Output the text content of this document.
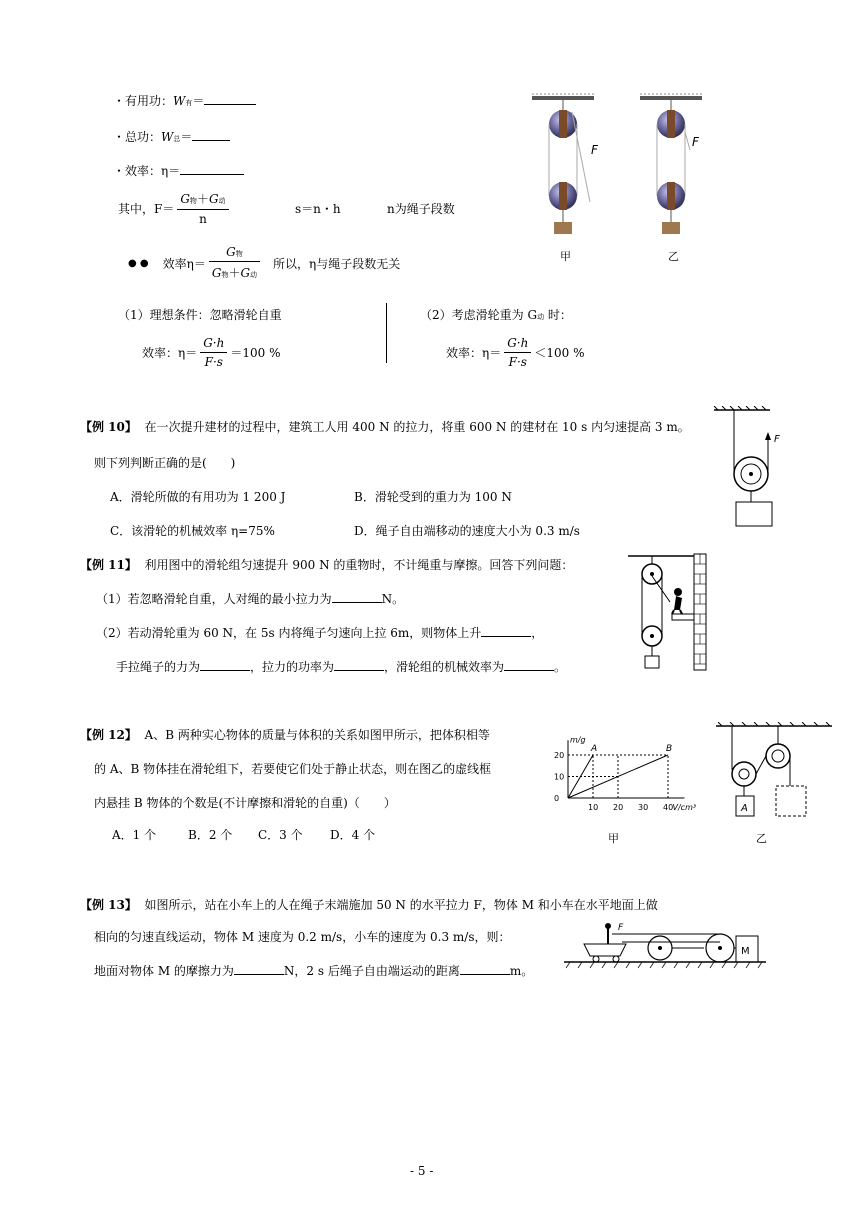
・有用功：W有＝
・总功：W总＝
・效率：η＝
其中，$F= \frac{\text{G物＋G动}}{n}$	s＝n・h	n为绳子段数
● ● 效率$\eta= \frac{\text{G物}}{\text{G物＋G动}}$ 所以，η与绳子段数无关
（1）理想条件：忽略滑轮自重	（2）考虑滑轮重为 G动 时：
效率： $\eta= \frac{G\cdot h}{F\cdot s} =100$ %	效率： $\eta= \frac{G\cdot h}{F\cdot s} <100$ %
F
甲
F
乙
【例 10】 在一次提升建材的过程中，建筑工人用 400 N 的拉力，将重 600 N 的建材在 10 s 内匀速提高 3 m。
则下列判断正确的是(　　)
A．滑轮所做的有用功为 1 200 J	B．滑轮受到的重力为 100 N
C．该滑轮的机械效率 η=75%	D．绳子自由端移动的速度大小为 0.3 m/s
F
【例 11】 利用图中的滑轮组匀速提升 900 N 的重物时，不计绳重与摩擦。回答下列问题：
（1）若忽略滑轮自重，人对绳的最小拉力为	N。
（2）若动滑轮重为 60 N，在 5s 内将绳子匀速向上拉 6m，则物体上升	，
手拉绳子的力为	，拉力的功率为	，滑轮组的机械效率为	。
【例 12】 A、B 两种实心物体的质量与体积的关系如图甲所示，把体积相等
的 A、B 物体挂在滑轮组下，若要使它们处于静止状态，则在图乙的虚线框
内悬挂 B 物体的个数是(不计摩擦和滑轮的自重)（　　）
A．1 个	B．2 个 C．3 个 D．4 个
m/g
V/cm³
10 20 30 40
0
10
20
A	B
甲
A
乙
【例 13】 如图所示，站在小车上的人在绳子末端施加 50 N 的水平拉力 F，物体 M 和小车在水平地面上做
相向的匀速直线运动，物体 M 速度为 0.2 m/s，小车的速度为 0.3 m/s，则：
地面对物体 M 的摩擦力为	N，2 s 后绳子自由端运动的距离	m。
F
M
- 5 -
